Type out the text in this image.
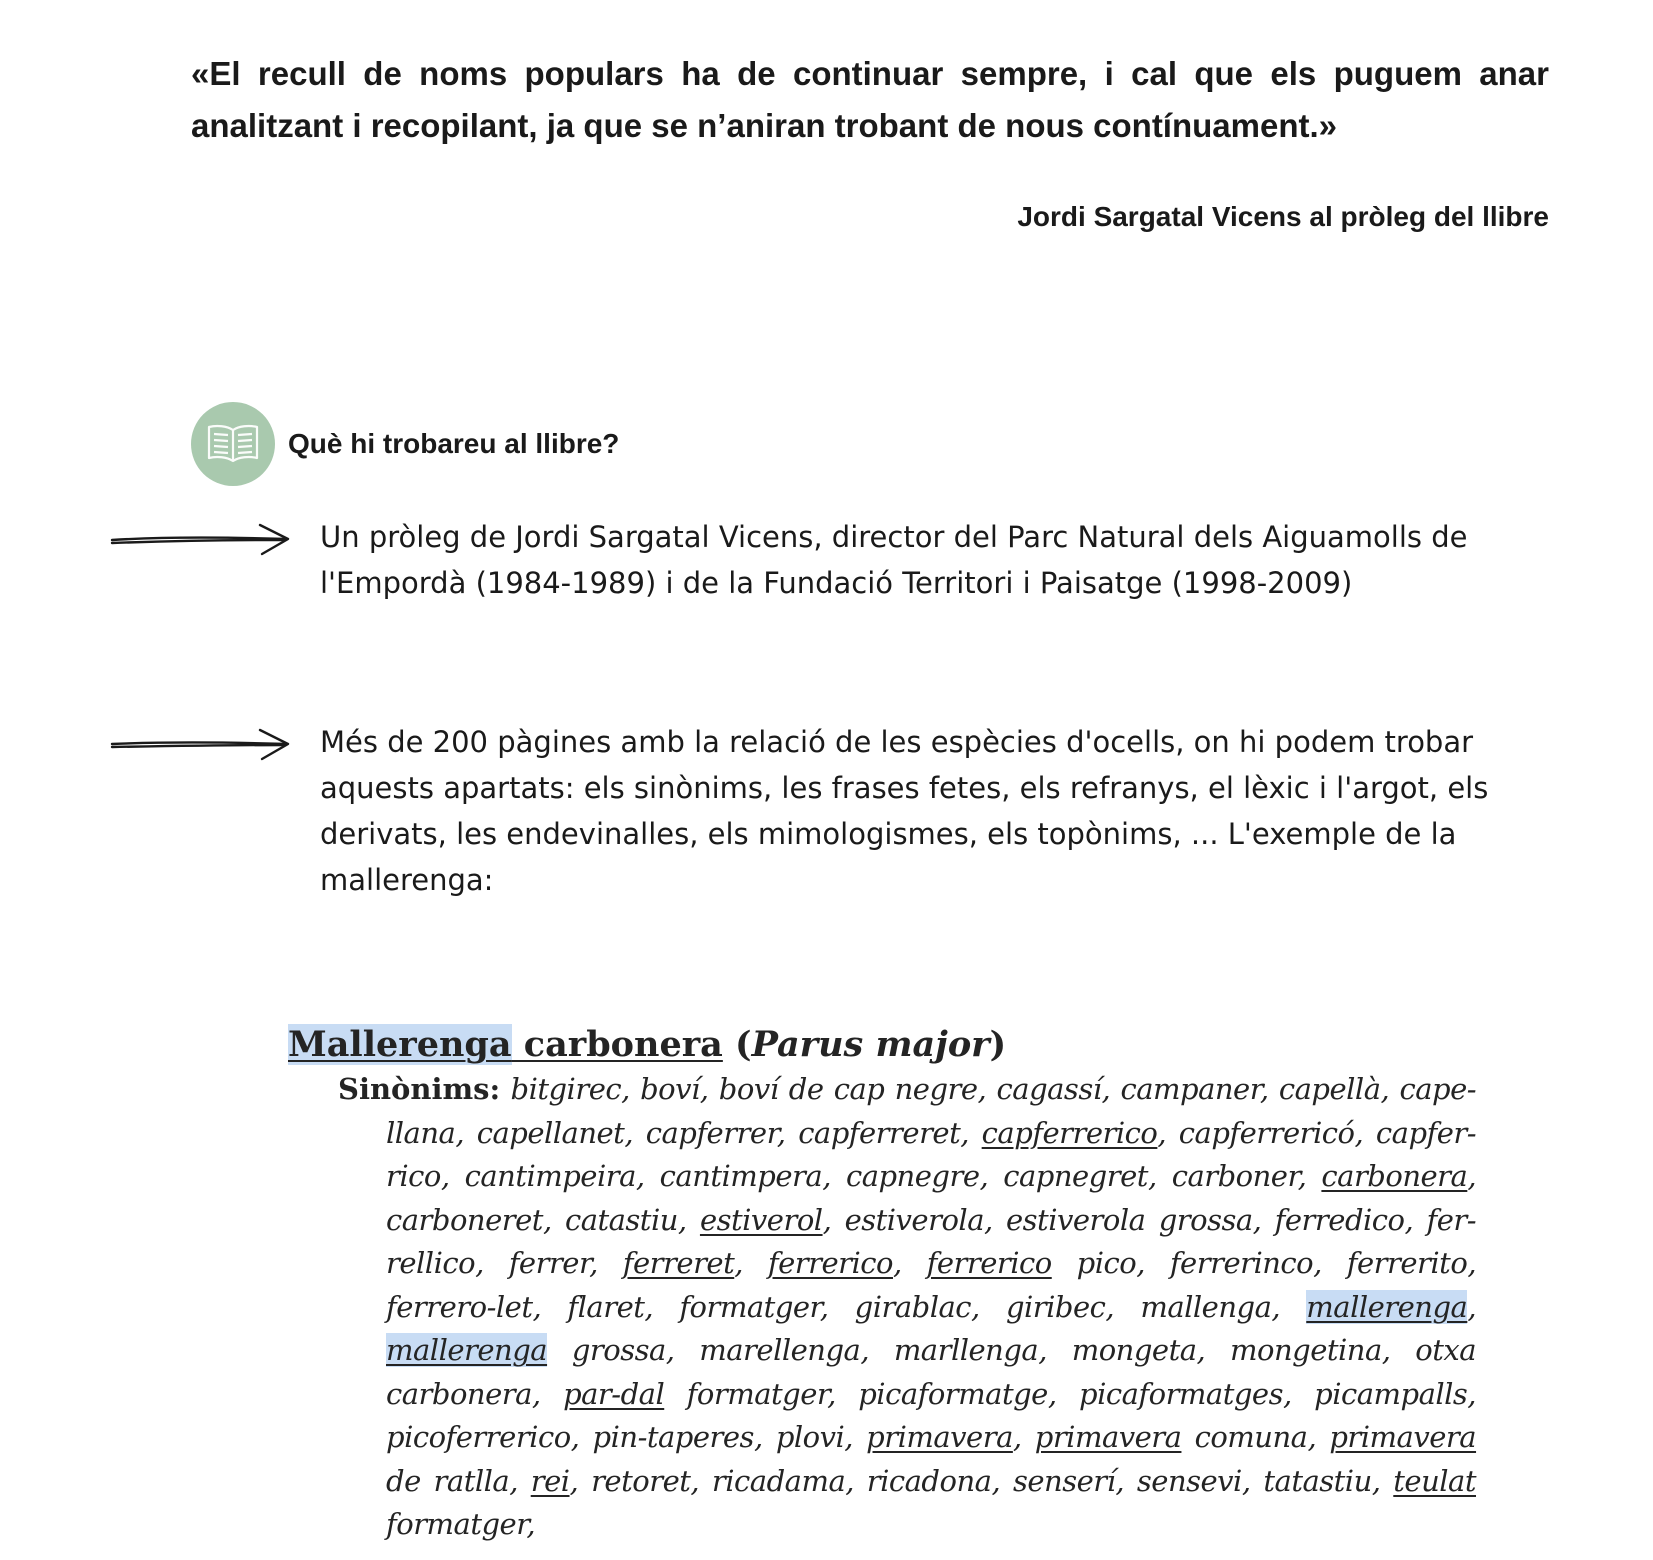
«El recull de noms populars ha de continuar sempre, i cal que els puguem anar analitzant i recopilant, ja que se n’aniran trobant de nous contínuament.»

Jordi Sargatal Vicens al pròleg del llibre

Què hi trobareu al llibre?

Un pròleg de Jordi Sargatal Vicens, director del Parc Natural dels Aiguamolls de l'Empordà (1984-1989) i de la Fundació Territori i Paisatge (1998-2009)

Més de 200 pàgines amb la relació de les espècies d'ocells, on hi podem trobar aquests apartats: els sinònims, les frases fetes, els refranys, el lèxic i l'argot, els derivats, les endevinalles, els mimologismes, els topònims, ... L'exemple de la mallerenga:

Mallerenga carbonera (Parus major)
Sinònims: bitgirec, boví, boví de cap negre, cagassí, campaner, capellà, cape-llana, capellanet, capferrer, capferreret, capferrerico, capferrericó, capfer-rico, cantimpeira, cantimpera, capnegre, capnegret, carboner, carbonera, carboneret, catastiu, estiverol, estiverola, estiverola grossa, ferredico, fer-rellico, ferrer, ferreret, ferrerico, ferrerico pico, ferrerinco, ferrerito, ferrero-let, flaret, formatger, girablac, giribec, mallenga, mallerenga, mallerenga grossa, marellenga, marllenga, mongeta, mongetina, otxa carbonera, par-dal formatger, picaformatge, picaformatges, picampalls, picoferrerico, pin-taperes, plovi, primavera, primavera comuna, primavera de ratlla, rei, retoret, ricadama, ricadona, senserí, sensevi, tatastiu, teulat formatger,
